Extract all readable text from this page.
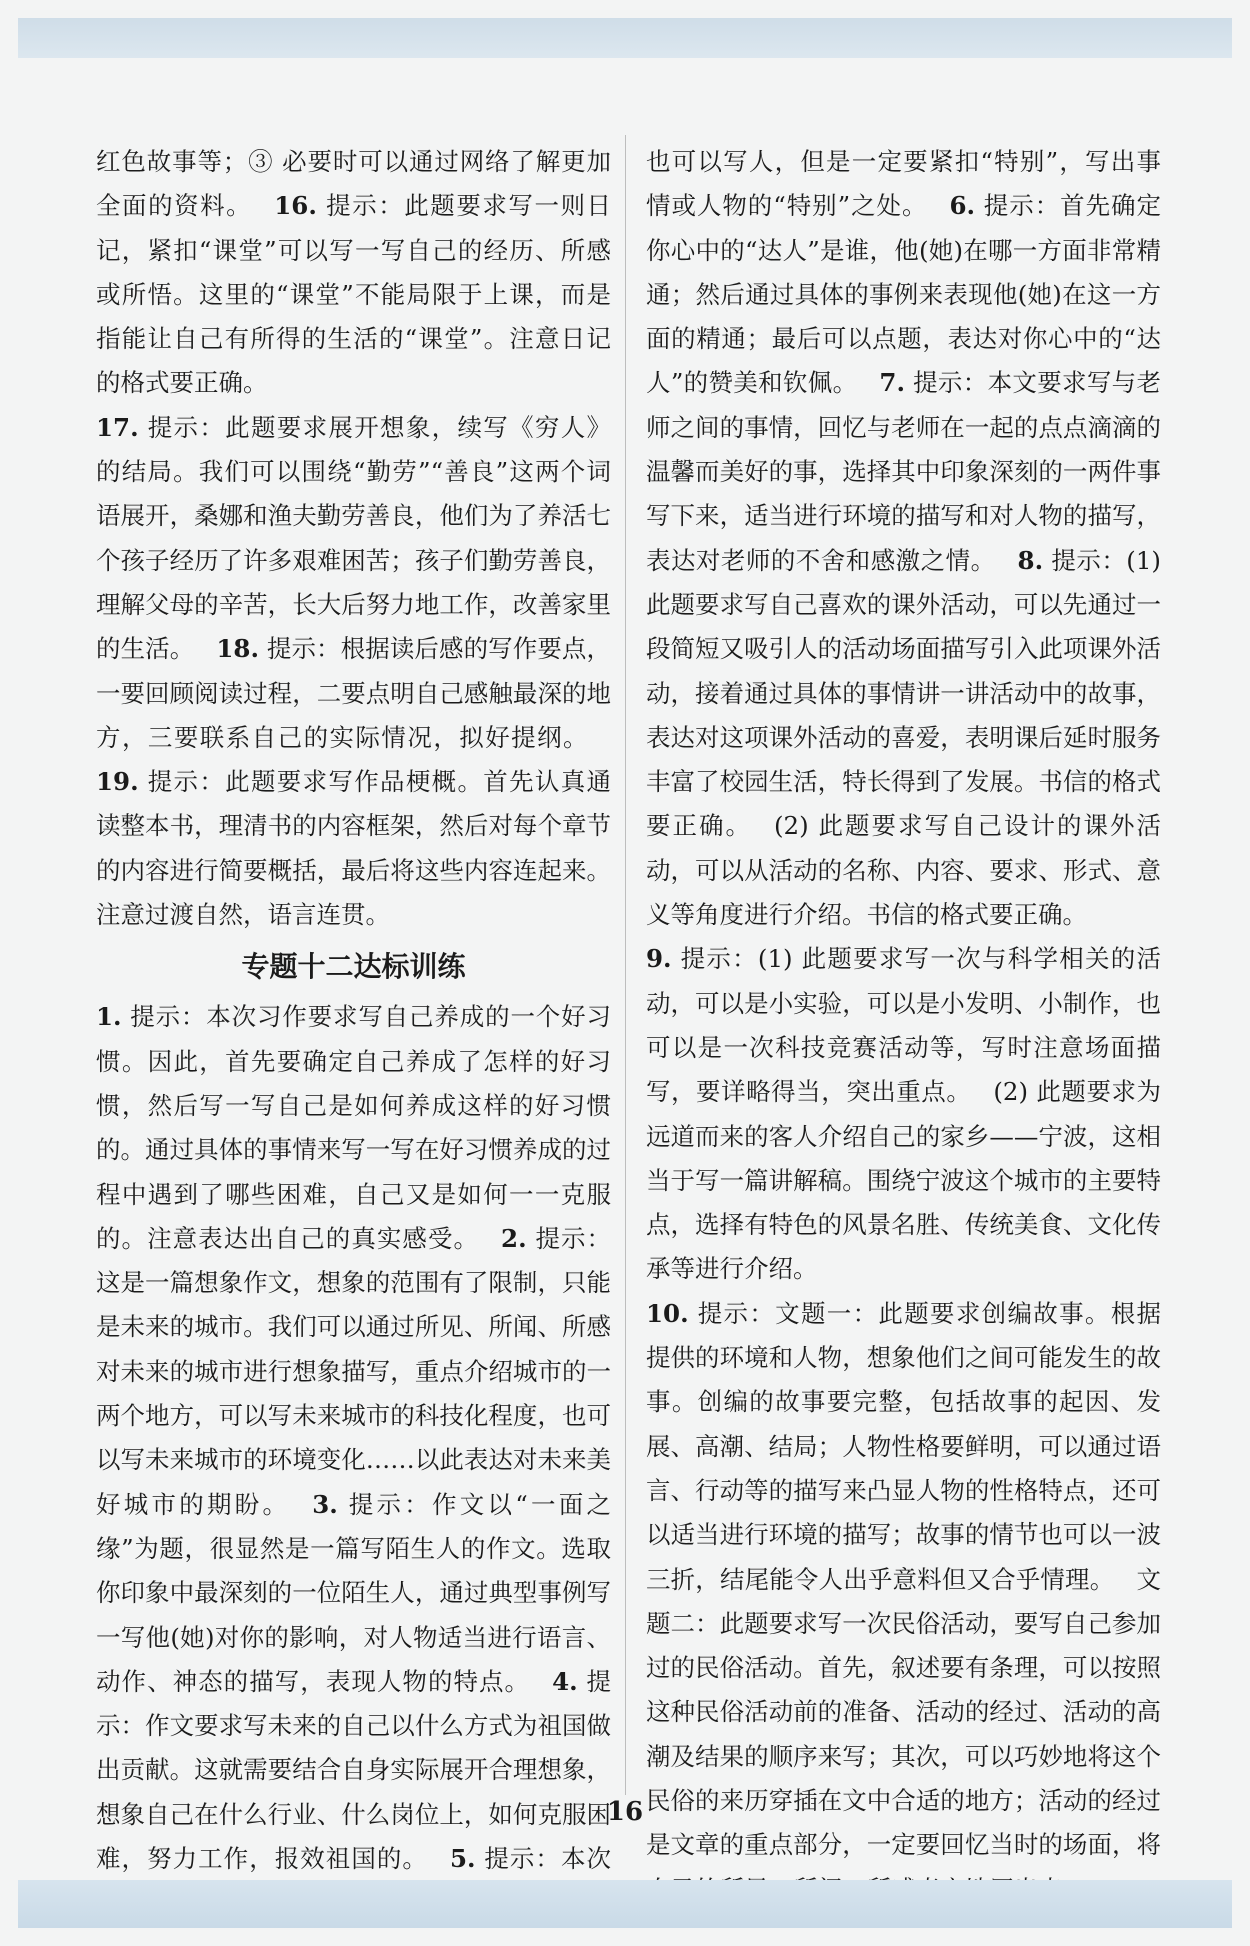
红色故事等；③ 必要时可以通过网络了解更加全面的资料。 16. 提示：此题要求写一则日记，紧扣“课堂”可以写一写自己的经历、所感或所悟。这里的“课堂”不能局限于上课，而是指能让自己有所得的生活的“课堂”。注意日记的格式要正确。

17. 提示：此题要求展开想象，续写《穷人》的结局。我们可以围绕“勤劳”“善良”这两个词语展开，桑娜和渔夫勤劳善良，他们为了养活七个孩子经历了许多艰难困苦；孩子们勤劳善良，理解父母的辛苦，长大后努力地工作，改善家里的生活。 18. 提示：根据读后感的写作要点，一要回顾阅读过程，二要点明自己感触最深的地方，三要联系自己的实际情况，拟好提纲。19. 提示：此题要求写作品梗概。首先认真通读整本书，理清书的内容框架，然后对每个章节的内容进行简要概括，最后将这些内容连起来。注意过渡自然，语言连贯。

专题十二达标训练

1. 提示：本次习作要求写自己养成的一个好习惯。因此，首先要确定自己养成了怎样的好习惯，然后写一写自己是如何养成这样的好习惯的。通过具体的事情来写一写在好习惯养成的过程中遇到了哪些困难，自己又是如何一一克服的。注意表达出自己的真实感受。 2. 提示：这是一篇想象作文，想象的范围有了限制，只能是未来的城市。我们可以通过所见、所闻、所感对未来的城市进行想象描写，重点介绍城市的一两个地方，可以写未来城市的科技化程度，也可以写未来城市的环境变化……以此表达对未来美好城市的期盼。 3. 提示：作文以“一面之缘”为题，很显然是一篇写陌生人的作文。选取你印象中最深刻的一位陌生人，通过典型事例写一写他(她)对你的影响，对人物适当进行语言、动作、神态的描写，表现人物的特点。 4. 提示：作文要求写未来的自己以什么方式为祖国做出贡献。这就需要结合自身实际展开合理想象，想象自己在什么行业、什么岗位上，如何克服困难，努力工作，报效祖国的。 5. 提示：本次

也可以写人，但是一定要紧扣“特别”，写出事情或人物的“特别”之处。 6. 提示：首先确定你心中的“达人”是谁，他(她)在哪一方面非常精通；然后通过具体的事例来表现他(她)在这一方面的精通；最后可以点题，表达对你心中的“达人”的赞美和钦佩。 7. 提示：本文要求写与老师之间的事情，回忆与老师在一起的点点滴滴的温馨而美好的事，选择其中印象深刻的一两件事写下来，适当进行环境的描写和对人物的描写，表达对老师的不舍和感激之情。 8. 提示：(1) 此题要求写自己喜欢的课外活动，可以先通过一段简短又吸引人的活动场面描写引入此项课外活动，接着通过具体的事情讲一讲活动中的故事，表达对这项课外活动的喜爱，表明课后延时服务丰富了校园生活，特长得到了发展。书信的格式要正确。 (2) 此题要求写自己设计的课外活动，可以从活动的名称、内容、要求、形式、意义等角度进行介绍。书信的格式要正确。

9. 提示：(1) 此题要求写一次与科学相关的活动，可以是小实验，可以是小发明、小制作，也可以是一次科技竞赛活动等，写时注意场面描写，要详略得当，突出重点。 (2) 此题要求为远道而来的客人介绍自己的家乡——宁波，这相当于写一篇讲解稿。围绕宁波这个城市的主要特点，选择有特色的风景名胜、传统美食、文化传承等进行介绍。

10. 提示：文题一：此题要求创编故事。根据提供的环境和人物，想象他们之间可能发生的故事。创编的故事要完整，包括故事的起因、发展、高潮、结局；人物性格要鲜明，可以通过语言、行动等的描写来凸显人物的性格特点，还可以适当进行环境的描写；故事的情节也可以一波三折，结尾能令人出乎意料但又合乎情理。 文题二：此题要求写一次民俗活动，要写自己参加过的民俗活动。首先，叙述要有条理，可以按照这种民俗活动前的准备、活动的经过、活动的高潮及结果的顺序来写；其次，可以巧妙地将这个民俗的来历穿插在文中合适的地方；活动的经过是文章的重点部分，一定要回忆当时的场面，将

16
